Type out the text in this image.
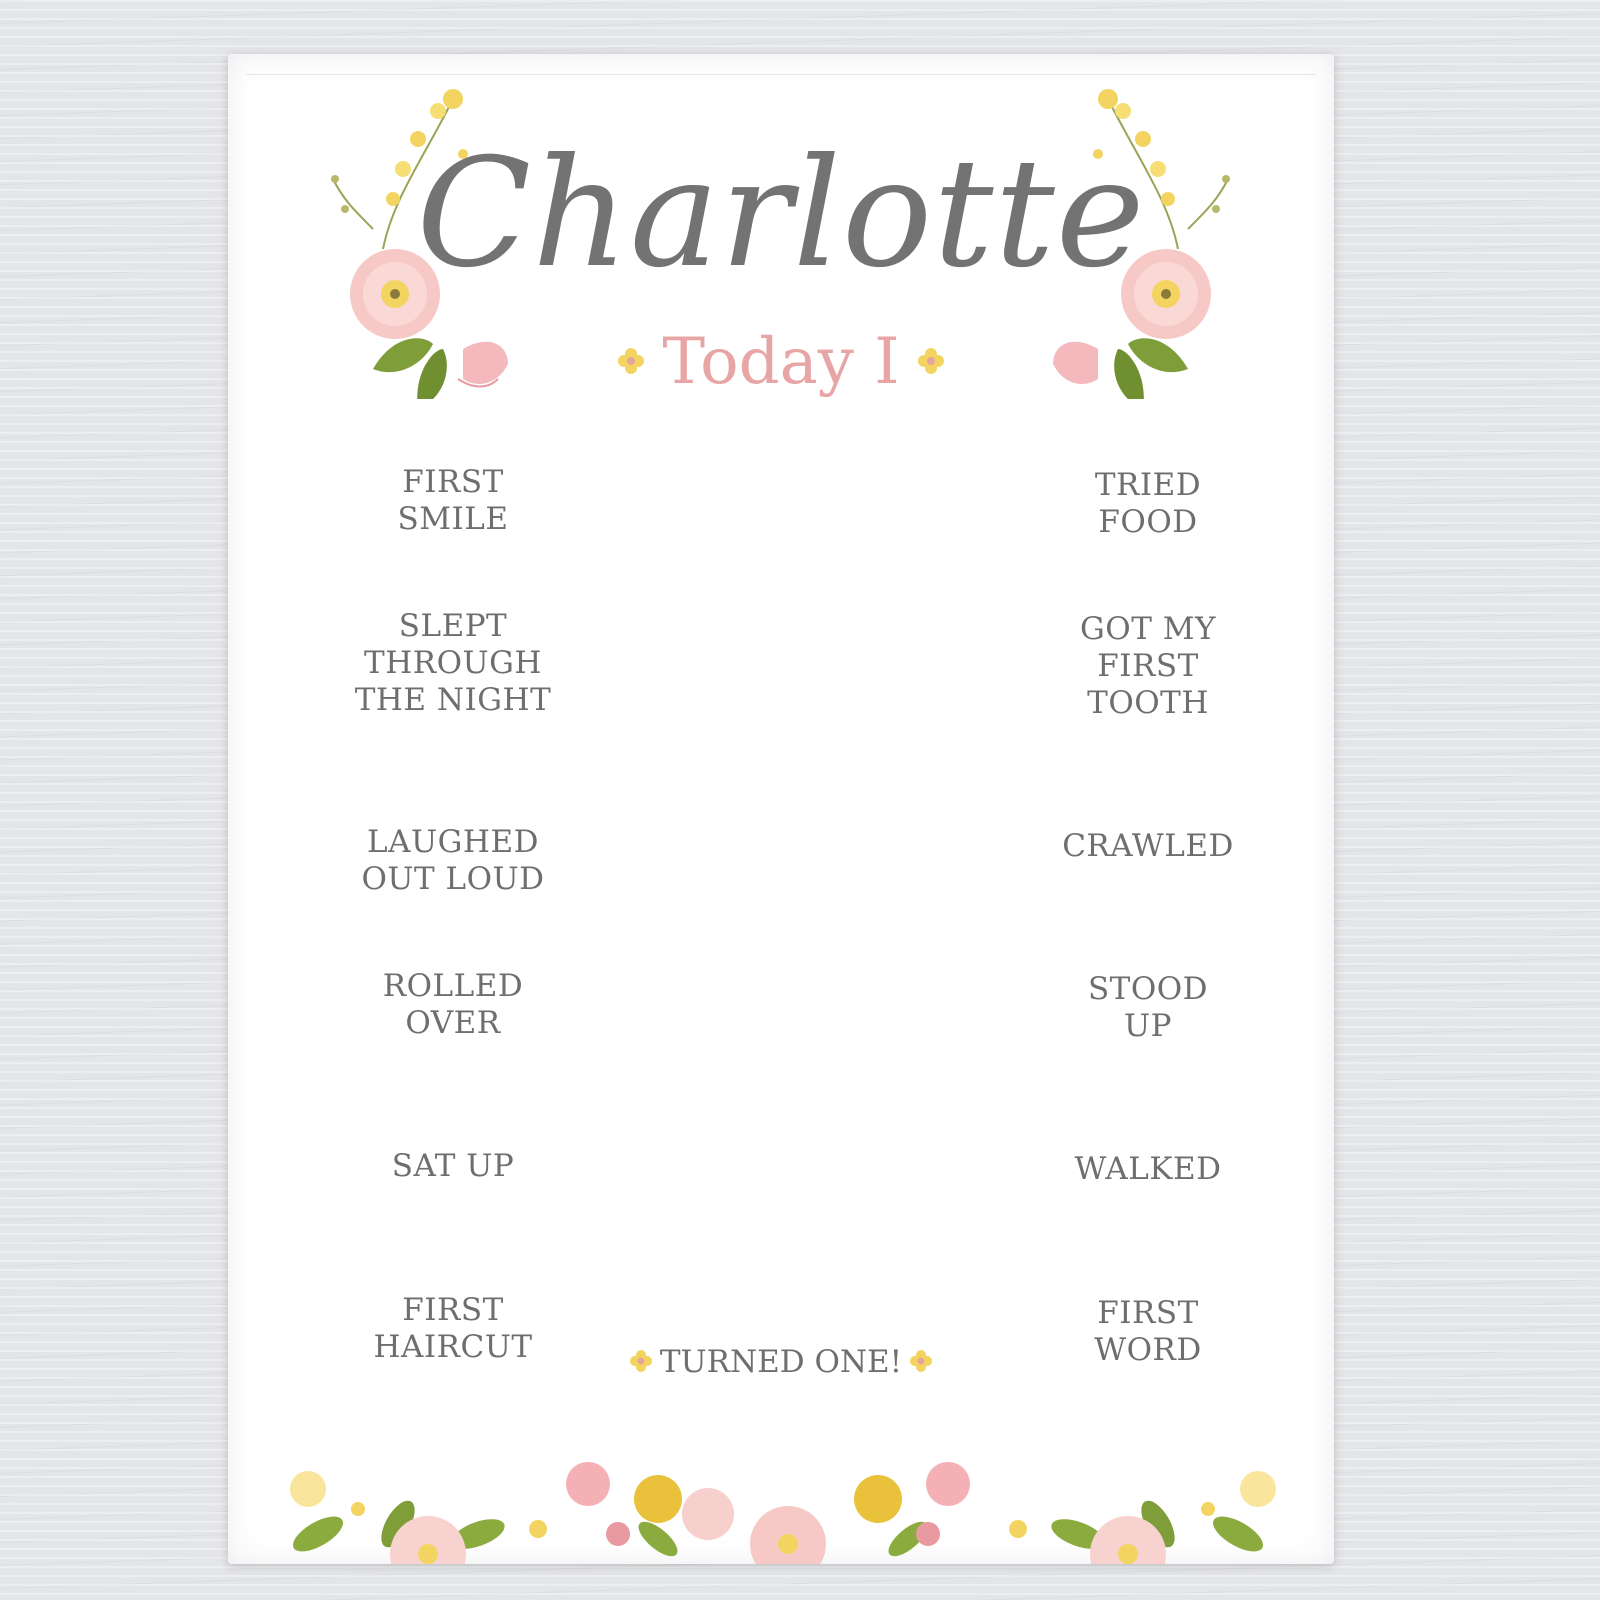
Charlotte
Today I
FIRST
SMILE
SLEPT
THROUGH
THE NIGHT
LAUGHED
OUT LOUD
ROLLED
OVER
SAT UP
FIRST
HAIRCUT
TRIED
FOOD
GOT MY
FIRST
TOOTH
CRAWLED
STOOD
UP
WALKED
FIRST
WORD
TURNED ONE!
